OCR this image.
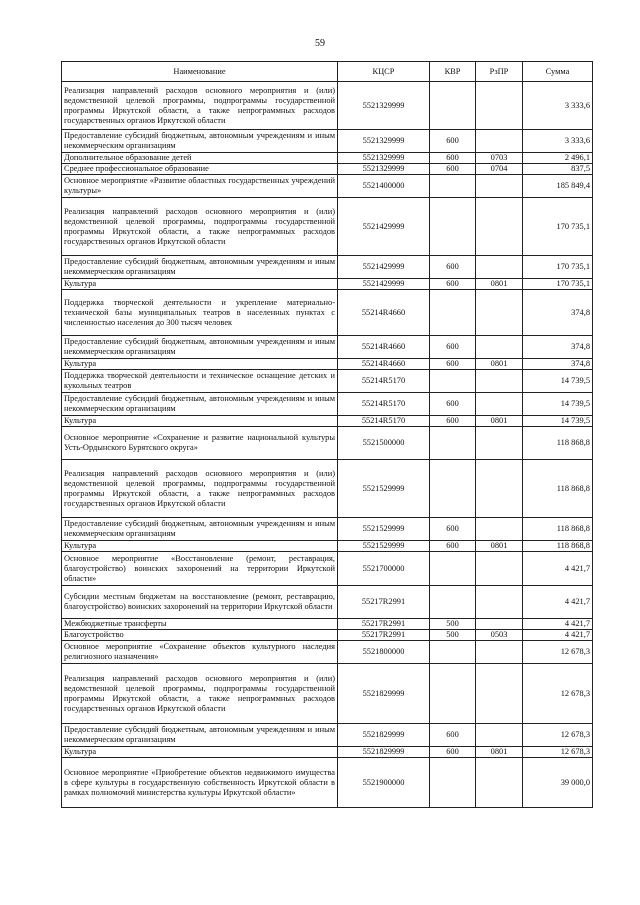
59
Наименование	КЦСР	КВР	РзПР	Сумма
Реализация направлений расходов основного мероприятия и (или) ведомственной целевой программы, подпрограммы государственной программы Иркутской области, а также непрограммных расходов государственных органов Иркутской области	5521329999			3 333,6
Предоставление субсидий бюджетным, автономным учреждениям и иным некоммерческим организациям	5521329999	600		3 333,6
Дополнительное образование детей	5521329999	600	0703	2 496,1
Среднее профессиональное образование	5521329999	600	0704	837,5
Основное мероприятие «Развитие областных государственных учреждений культуры»	5521400000			185 849,4
Реализация направлений расходов основного мероприятия и (или) ведомственной целевой программы, подпрограммы государственной программы Иркутской области, а также непрограммных расходов государственных органов Иркутской области	5521429999			170 735,1
Предоставление субсидий бюджетным, автономным учреждениям и иным некоммерческим организациям	5521429999	600		170 735,1
Культура	5521429999	600	0801	170 735,1
Поддержка творческой деятельности и укрепление материально-технической базы муниципальных театров в населенных пунктах с численностью населения до 300 тысяч человек	55214R4660			374,8
Предоставление субсидий бюджетным, автономным учреждениям и иным некоммерческим организациям	55214R4660	600		374,8
Культура	55214R4660	600	0801	374,8
Поддержка творческой деятельности и техническое оснащение детских и кукольных театров	55214R5170			14 739,5
Предоставление субсидий бюджетным, автономным учреждениям и иным некоммерческим организациям	55214R5170	600		14 739,5
Культура	55214R5170	600	0801	14 739,5
Основное мероприятие «Сохранение и развитие национальной культуры Усть-Ордынского Бурятского округа»	5521500000			118 868,8
Реализация направлений расходов основного мероприятия и (или) ведомственной целевой программы, подпрограммы государственной программы Иркутской области, а также непрограммных расходов государственных органов Иркутской области	5521529999			118 868,8
Предоставление субсидий бюджетным, автономным учреждениям и иным некоммерческим организациям	5521529999	600		118 868,8
Культура	5521529999	600	0801	118 868,8
Основное мероприятие «Восстановление (ремонт, реставрация, благоустройство) воинских захоронений на территории Иркутской области»	5521700000			4 421,7
Субсидии местным бюджетам на восстановление (ремонт, реставрацию, благоустройство) воинских захоронений на территории Иркутской области	55217R2991			4 421,7
Межбюджетные трансферты	55217R2991	500		4 421,7
Благоустройство	55217R2991	500	0503	4 421,7
Основное мероприятие «Сохранение объектов культурного наследия религиозного назначения»	5521800000			12 678,3
Реализация направлений расходов основного мероприятия и (или) ведомственной целевой программы, подпрограммы государственной программы Иркутской области, а также непрограммных расходов государственных органов Иркутской области	5521829999			12 678,3
Предоставление субсидий бюджетным, автономным учреждениям и иным некоммерческим организациям	5521829999	600		12 678,3
Культура	5521829999	600	0801	12 678,3
Основное мероприятие «Приобретение объектов недвижимого имущества в сфере культуры в государственную собственность Иркутской области в рамках полномочий министерства культуры Иркутской области»	5521900000			39 000,0
